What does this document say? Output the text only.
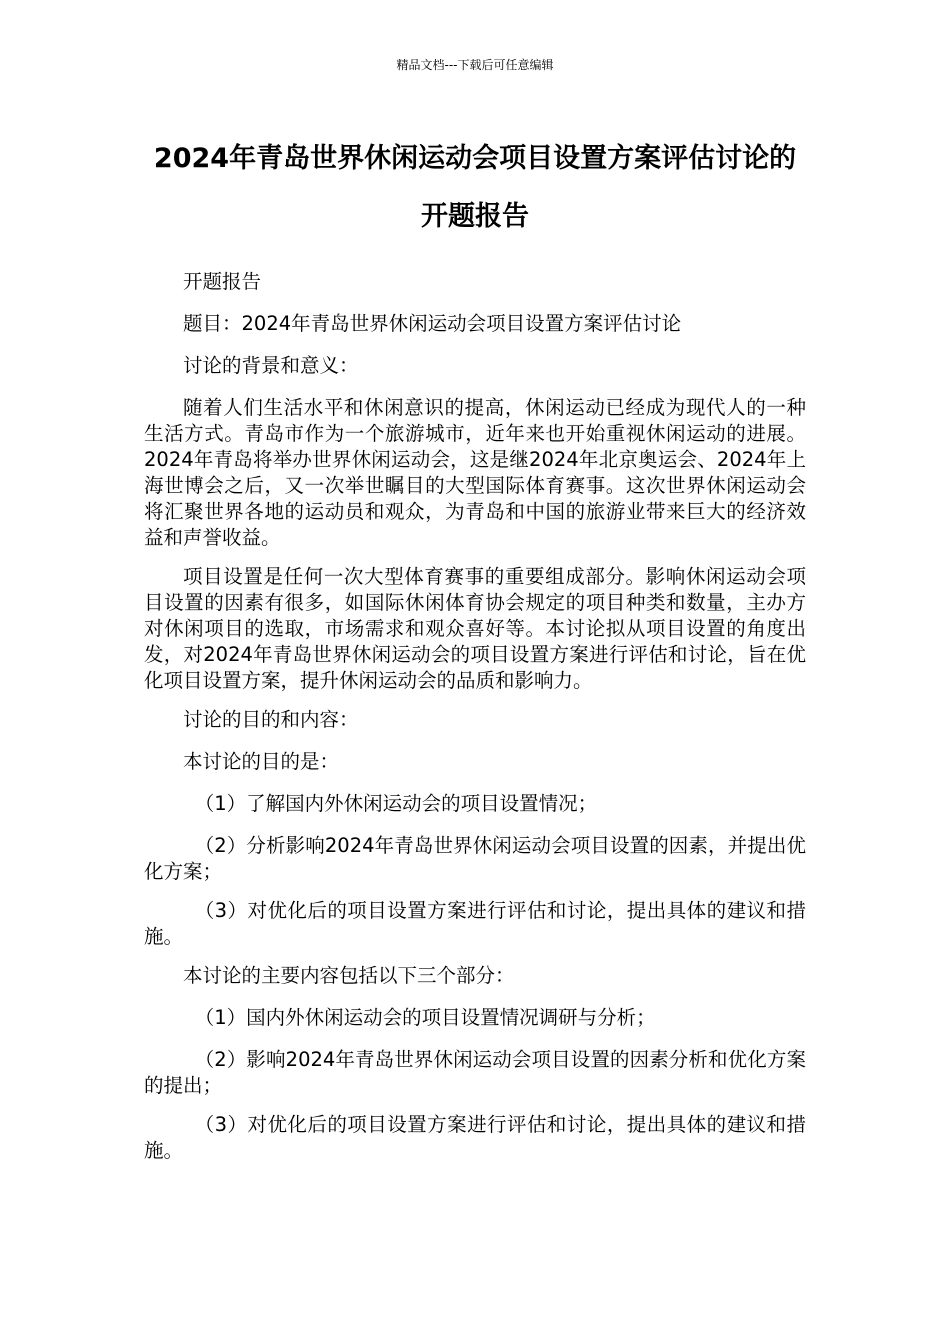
精品文档---下载后可任意编辑
2024年青岛世界休闲运动会项目设置方案评估讨论的开题报告

开题报告

题目：2024年青岛世界休闲运动会项目设置方案评估讨论

讨论的背景和意义：

随着人们生活水平和休闲意识的提高，休闲运动已经成为现代人的一种生活方式。青岛市作为一个旅游城市，近年来也开始重视休闲运动的进展。2024年青岛将举办世界休闲运动会，这是继2024年北京奥运会、2024年上海世博会之后，又一次举世瞩目的大型国际体育赛事。这次世界休闲运动会将汇聚世界各地的运动员和观众，为青岛和中国的旅游业带来巨大的经济效益和声誉收益。

项目设置是任何一次大型体育赛事的重要组成部分。影响休闲运动会项目设置的因素有很多，如国际休闲体育协会规定的项目种类和数量，主办方对休闲项目的选取，市场需求和观众喜好等。本讨论拟从项目设置的角度出发，对2024年青岛世界休闲运动会的项目设置方案进行评估和讨论，旨在优化项目设置方案，提升休闲运动会的品质和影响力。

讨论的目的和内容：

本讨论的目的是：

（1）了解国内外休闲运动会的项目设置情况；

（2）分析影响2024年青岛世界休闲运动会项目设置的因素，并提出优化方案；

（3）对优化后的项目设置方案进行评估和讨论，提出具体的建议和措施。

本讨论的主要内容包括以下三个部分：

（1）国内外休闲运动会的项目设置情况调研与分析；

（2）影响2024年青岛世界休闲运动会项目设置的因素分析和优化方案的提出；

（3）对优化后的项目设置方案进行评估和讨论，提出具体的建议和措施。
